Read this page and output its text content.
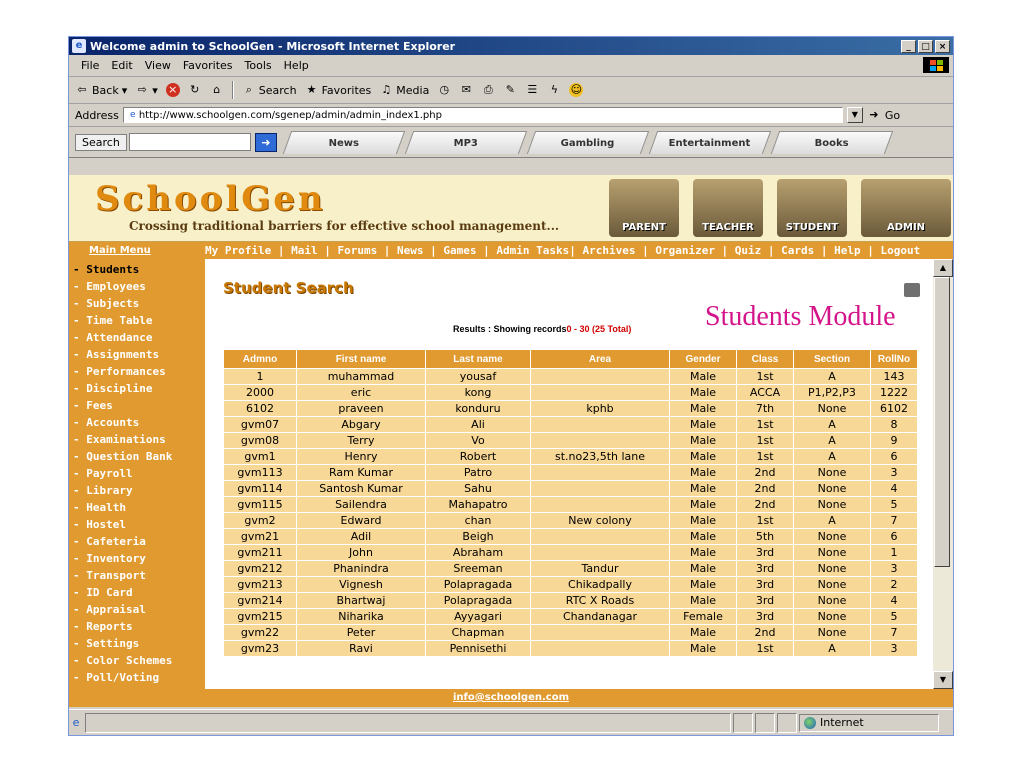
e Welcome admin to SchoolGen - Microsoft Internet Explorer	_	□ ×
File Edit View Favorites Tools Help
⇦ Back ▾ ⇨ ▾ × ↻	⌂	⌕ Search ★ Favorites ♫ Media ◷ ✉ ⎙ ✎ ☰	ϟ	☺
Address	e http://www.schoolgen.com/sgenep/admin/admin_index1.php	▼	➜ Go
Search	➜	News	MP3	Gambling	Entertainment	Books
SchoolGen
Crossing traditional barriers for effective school management...	PARENT	TEACHER	STUDENT	ADMIN
Main Menu	My Profile | Mail | Forums | News | Games | Admin Tasks| Archives | Organizer | Quiz | Cards | Help | Logout
- Students
- Employees
- Subjects
- Time Table
- Attendance
- Assignments
- Performances
- Discipline
- Fees
- Accounts
- Examinations
- Question Bank
- Payroll
- Library
- Health
- Hostel
- Cafeteria
- Inventory
- Transport
- ID Card
- Appraisal
- Reports
- Settings
- Color Schemes
- Poll/Voting
Student Search
Students Module
Results : Showing records0 - 30 (25 Total)
Admno	First name	Last name	Area	Gender	Class	Section	RollNo
1	muhammad	yousaf		Male	1st	A	143
2000	eric	kong		Male	ACCA	P1,P2,P3	1222
6102	praveen	konduru	kphb	Male	7th	None	6102
gvm07	Abgary	Ali		Male	1st	A	8
gvm08	Terry	Vo		Male	1st	A	9
gvm1	Henry	Robert	st.no23,5th lane	Male	1st	A	6
gvm113	Ram Kumar	Patro		Male	2nd	None	3
gvm114	Santosh Kumar	Sahu		Male	2nd	None	4
gvm115	Sailendra	Mahapatro		Male	2nd	None	5
gvm2	Edward	chan	New colony	Male	1st	A	7
gvm21	Adil	Beigh		Male	5th	None	6
gvm211	John	Abraham		Male	3rd	None	1
gvm212	Phanindra	Sreeman	Tandur	Male	3rd	None	3
gvm213	Vignesh	Polapragada	Chikadpally	Male	3rd	None	2
gvm214	Bhartwaj	Polapragada	RTC X Roads	Male	3rd	None	4
gvm215	Niharika	Ayyagari	Chandanagar	Female	3rd	None	5
gvm22	Peter	Chapman		Male	2nd	None	7
gvm23	Ravi	Pennisethi		Male	1st	A	3
▲
▼
info@schoolgen.com
e	Internet
